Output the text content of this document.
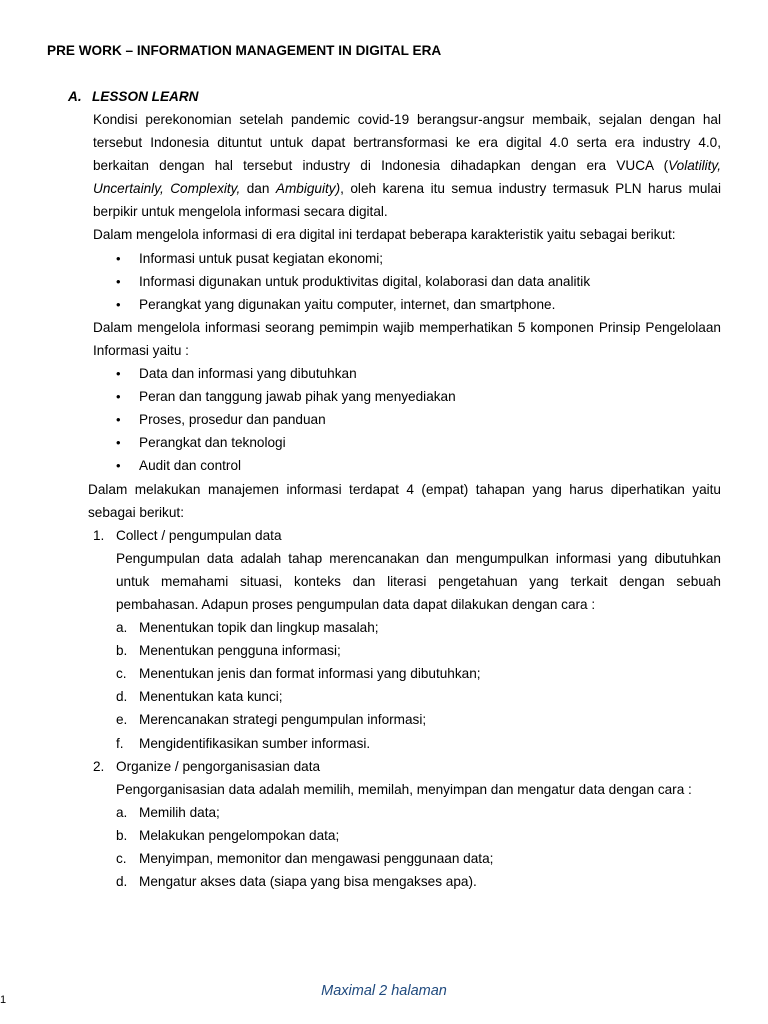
PRE WORK – INFORMATION MANAGEMENT IN DIGITAL ERA
A. LESSON LEARN
Kondisi perekonomian setelah pandemic covid-19 berangsur-angsur membaik, sejalan dengan hal tersebut Indonesia dituntut untuk dapat bertransformasi ke era digital 4.0 serta era industry 4.0, berkaitan dengan hal tersebut industry di Indonesia dihadapkan dengan era VUCA (Volatility, Uncertainly, Complexity, dan Ambiguity), oleh karena itu semua industry termasuk PLN harus mulai berpikir untuk mengelola informasi secara digital.
Dalam mengelola informasi di era digital ini terdapat beberapa karakteristik yaitu sebagai berikut:
• Informasi untuk pusat kegiatan ekonomi;
• Informasi digunakan untuk produktivitas digital, kolaborasi dan data analitik
• Perangkat yang digunakan yaitu computer, internet, dan smartphone.
Dalam mengelola informasi seorang pemimpin wajib memperhatikan 5 komponen Prinsip Pengelolaan Informasi yaitu :
• Data dan informasi yang dibutuhkan
• Peran dan tanggung jawab pihak yang menyediakan
• Proses, prosedur dan panduan
• Perangkat dan teknologi
• Audit dan control
Dalam melakukan manajemen informasi terdapat 4 (empat) tahapan yang harus diperhatikan yaitu sebagai berikut:
1. Collect / pengumpulan data
Pengumpulan data adalah tahap merencanakan dan mengumpulkan informasi yang dibutuhkan untuk memahami situasi, konteks dan literasi pengetahuan yang terkait dengan sebuah pembahasan. Adapun proses pengumpulan data dapat dilakukan dengan cara :
a. Menentukan topik dan lingkup masalah;
b. Menentukan pengguna informasi;
c. Menentukan jenis dan format informasi yang dibutuhkan;
d. Menentukan kata kunci;
e. Merencanakan strategi pengumpulan informasi;
f. Mengidentifikasikan sumber informasi.
2. Organize / pengorganisasian data
Pengorganisasian data adalah memilih, memilah, menyimpan dan mengatur data dengan cara :
a. Memilih data;
b. Melakukan pengelompokan data;
c. Menyimpan, memonitor dan mengawasi penggunaan data;
d. Mengatur akses data (siapa yang bisa mengakses apa).
Maximal 2 halaman
1
